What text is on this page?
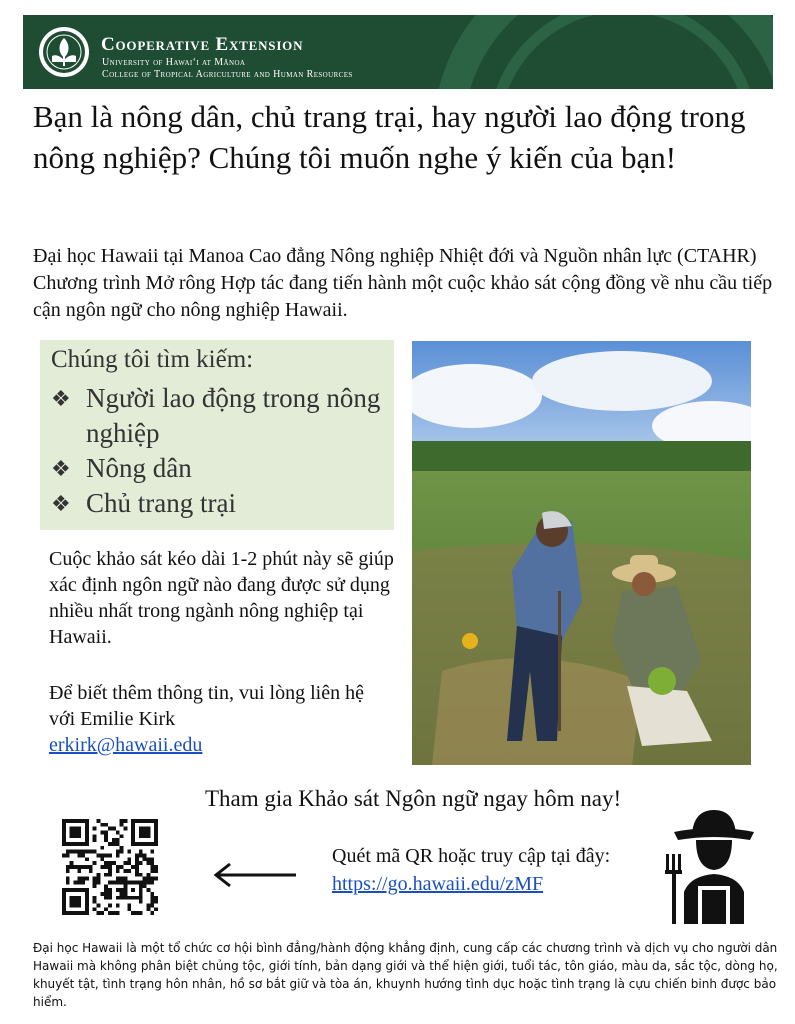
Cooperative Extension
University of Hawai‘i at Mānoa
College of Tropical Agriculture and Human Resources
Bạn là nông dân, chủ trang trại, hay người lao động trong nông nghiệp? Chúng tôi muốn nghe ý kiến của bạn!

Đại học Hawaii tại Manoa Cao đẳng Nông nghiệp Nhiệt đới và Nguồn nhân lực (CTAHR) Chương trình Mở rông Hợp tác đang tiến hành một cuộc khảo sát cộng đồng về nhu cầu tiếp cận ngôn ngữ cho nông nghiệp Hawaii.

Chúng tôi tìm kiếm:
❖ Người lao động trong nông nghiệp
❖ Nông dân
❖ Chủ trang trại

Cuộc khảo sát kéo dài 1-2 phút này sẽ giúp xác định ngôn ngữ nào đang được sử dụng nhiều nhất trong ngành nông nghiệp tại Hawaii.

Để biết thêm thông tin, vui lòng liên hệ với Emilie Kirk
erkirk@hawaii.edu

Tham gia Khảo sát Ngôn ngữ ngay hôm nay!

Quét mã QR hoặc truy cập tại đây:
https://go.hawaii.edu/zMF

Đại học Hawaii là một tổ chức cơ hội bình đẳng/hành động khẳng định, cung cấp các chương trình và dịch vụ cho người dân Hawaii mà không phân biệt chủng tộc, giới tính, bản dạng giới và thể hiện giới, tuổi tác, tôn giáo, màu da, sắc tộc, dòng họ, khuyết tật, tình trạng hôn nhân, hồ sơ bắt giữ và tòa án, khuynh hướng tình dục hoặc tình trạng là cựu chiến binh được bảo hiểm.
